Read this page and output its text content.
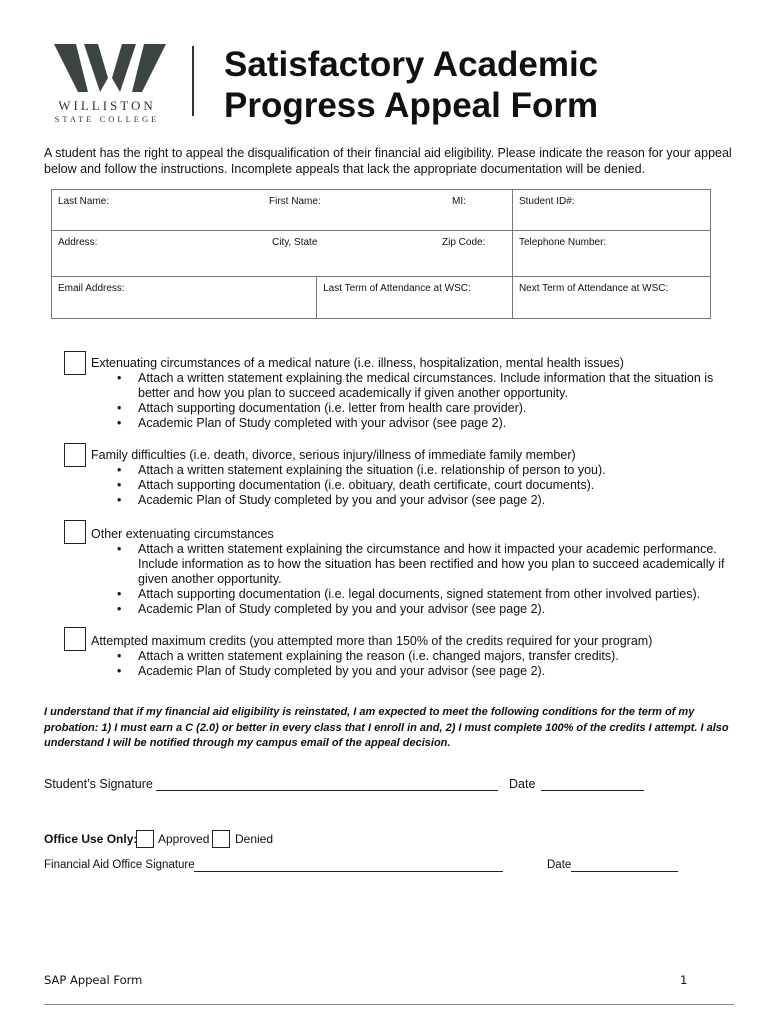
WILLISTON
STATE COLLEGE
Satisfactory Academic
Progress Appeal Form
A student has the right to appeal the disqualification of their financial aid eligibility. Please indicate the reason for your appeal below and follow the instructions. Incomplete appeals that lack the appropriate documentation will be denied.
Last Name: First Name: MI:		Student ID#:

Address: City, State Zip Code:		Telephone Number:
Email Address:	Last Term of Attendance at WSC:	Next Term of Attendance at WSC:
Extenuating circumstances of a medical nature (i.e. illness, hospitalization, mental health issues)
• Attach a written statement explaining the medical circumstances. Include information that the situation is better and how you plan to succeed academically if given another opportunity.
• Attach supporting documentation (i.e. letter from health care provider).
• Academic Plan of Study completed with your advisor (see page 2).
Family difficulties (i.e. death, divorce, serious injury/illness of immediate family member)
• Attach a written statement explaining the situation (i.e. relationship of person to you).
• Attach supporting documentation (i.e. obituary, death certificate, court documents).
• Academic Plan of Study completed by you and your advisor (see page 2).
Other extenuating circumstances
• Attach a written statement explaining the circumstance and how it impacted your academic performance. Include information as to how the situation has been rectified and how you plan to succeed academically if given another opportunity.
• Attach supporting documentation (i.e. legal documents, signed statement from other involved parties).
• Academic Plan of Study completed by you and your advisor (see page 2).
Attempted maximum credits (you attempted more than 150% of the credits required for your program)
• Attach a written statement explaining the reason (i.e. changed majors, transfer credits).
• Academic Plan of Study completed by you and your advisor (see page 2).
I understand that if my financial aid eligibility is reinstated, I am expected to meet the following conditions for the term of my probation: 1) I must earn a C (2.0) or better in every class that I enroll in and, 2) I must complete 100% of the credits I attempt. I also understand I will be notified through my campus email of the appeal decision.
Student’s Signature	Date
Office Use Only: Approved Denied
Financial Aid Office Signature	Date
SAP Appeal Form	1
